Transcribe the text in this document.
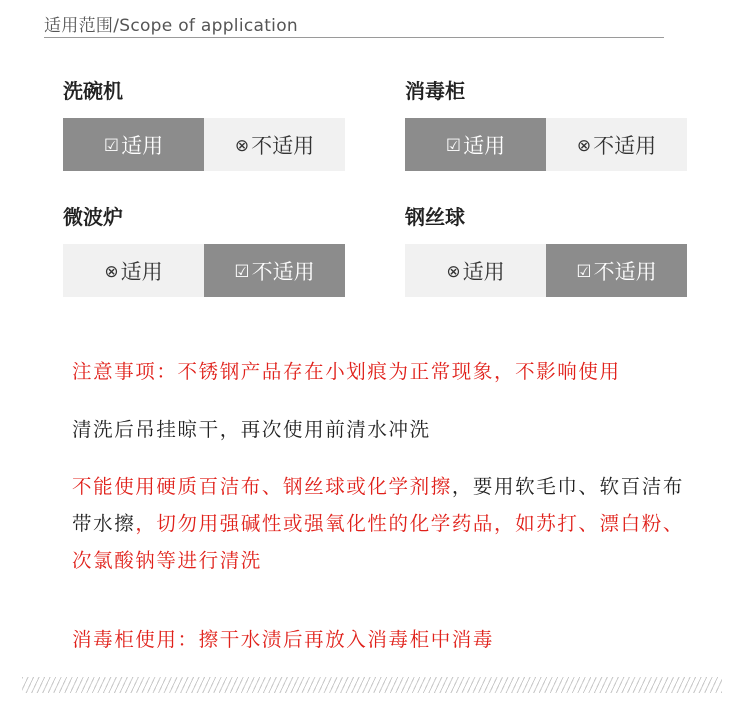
适用范围/Scope of application
洗碗机
☑ 适用	⊗ 不适用
消毒柜
☑ 适用	⊗ 不适用
微波炉
⊗ 适用	☑ 不适用
钢丝球
⊗ 适用	☑ 不适用
注意事项：不锈钢产品存在小划痕为正常现象，不影响使用
清洗后吊挂晾干，再次使用前清水冲洗
不能使用硬质百洁布、钢丝球或化学剂擦，要用软毛巾、软百洁布带水擦，切勿用强碱性或强氧化性的化学药品，如苏打、漂白粉、次氯酸钠等进行清洗
消毒柜使用：擦干水渍后再放入消毒柜中消毒
